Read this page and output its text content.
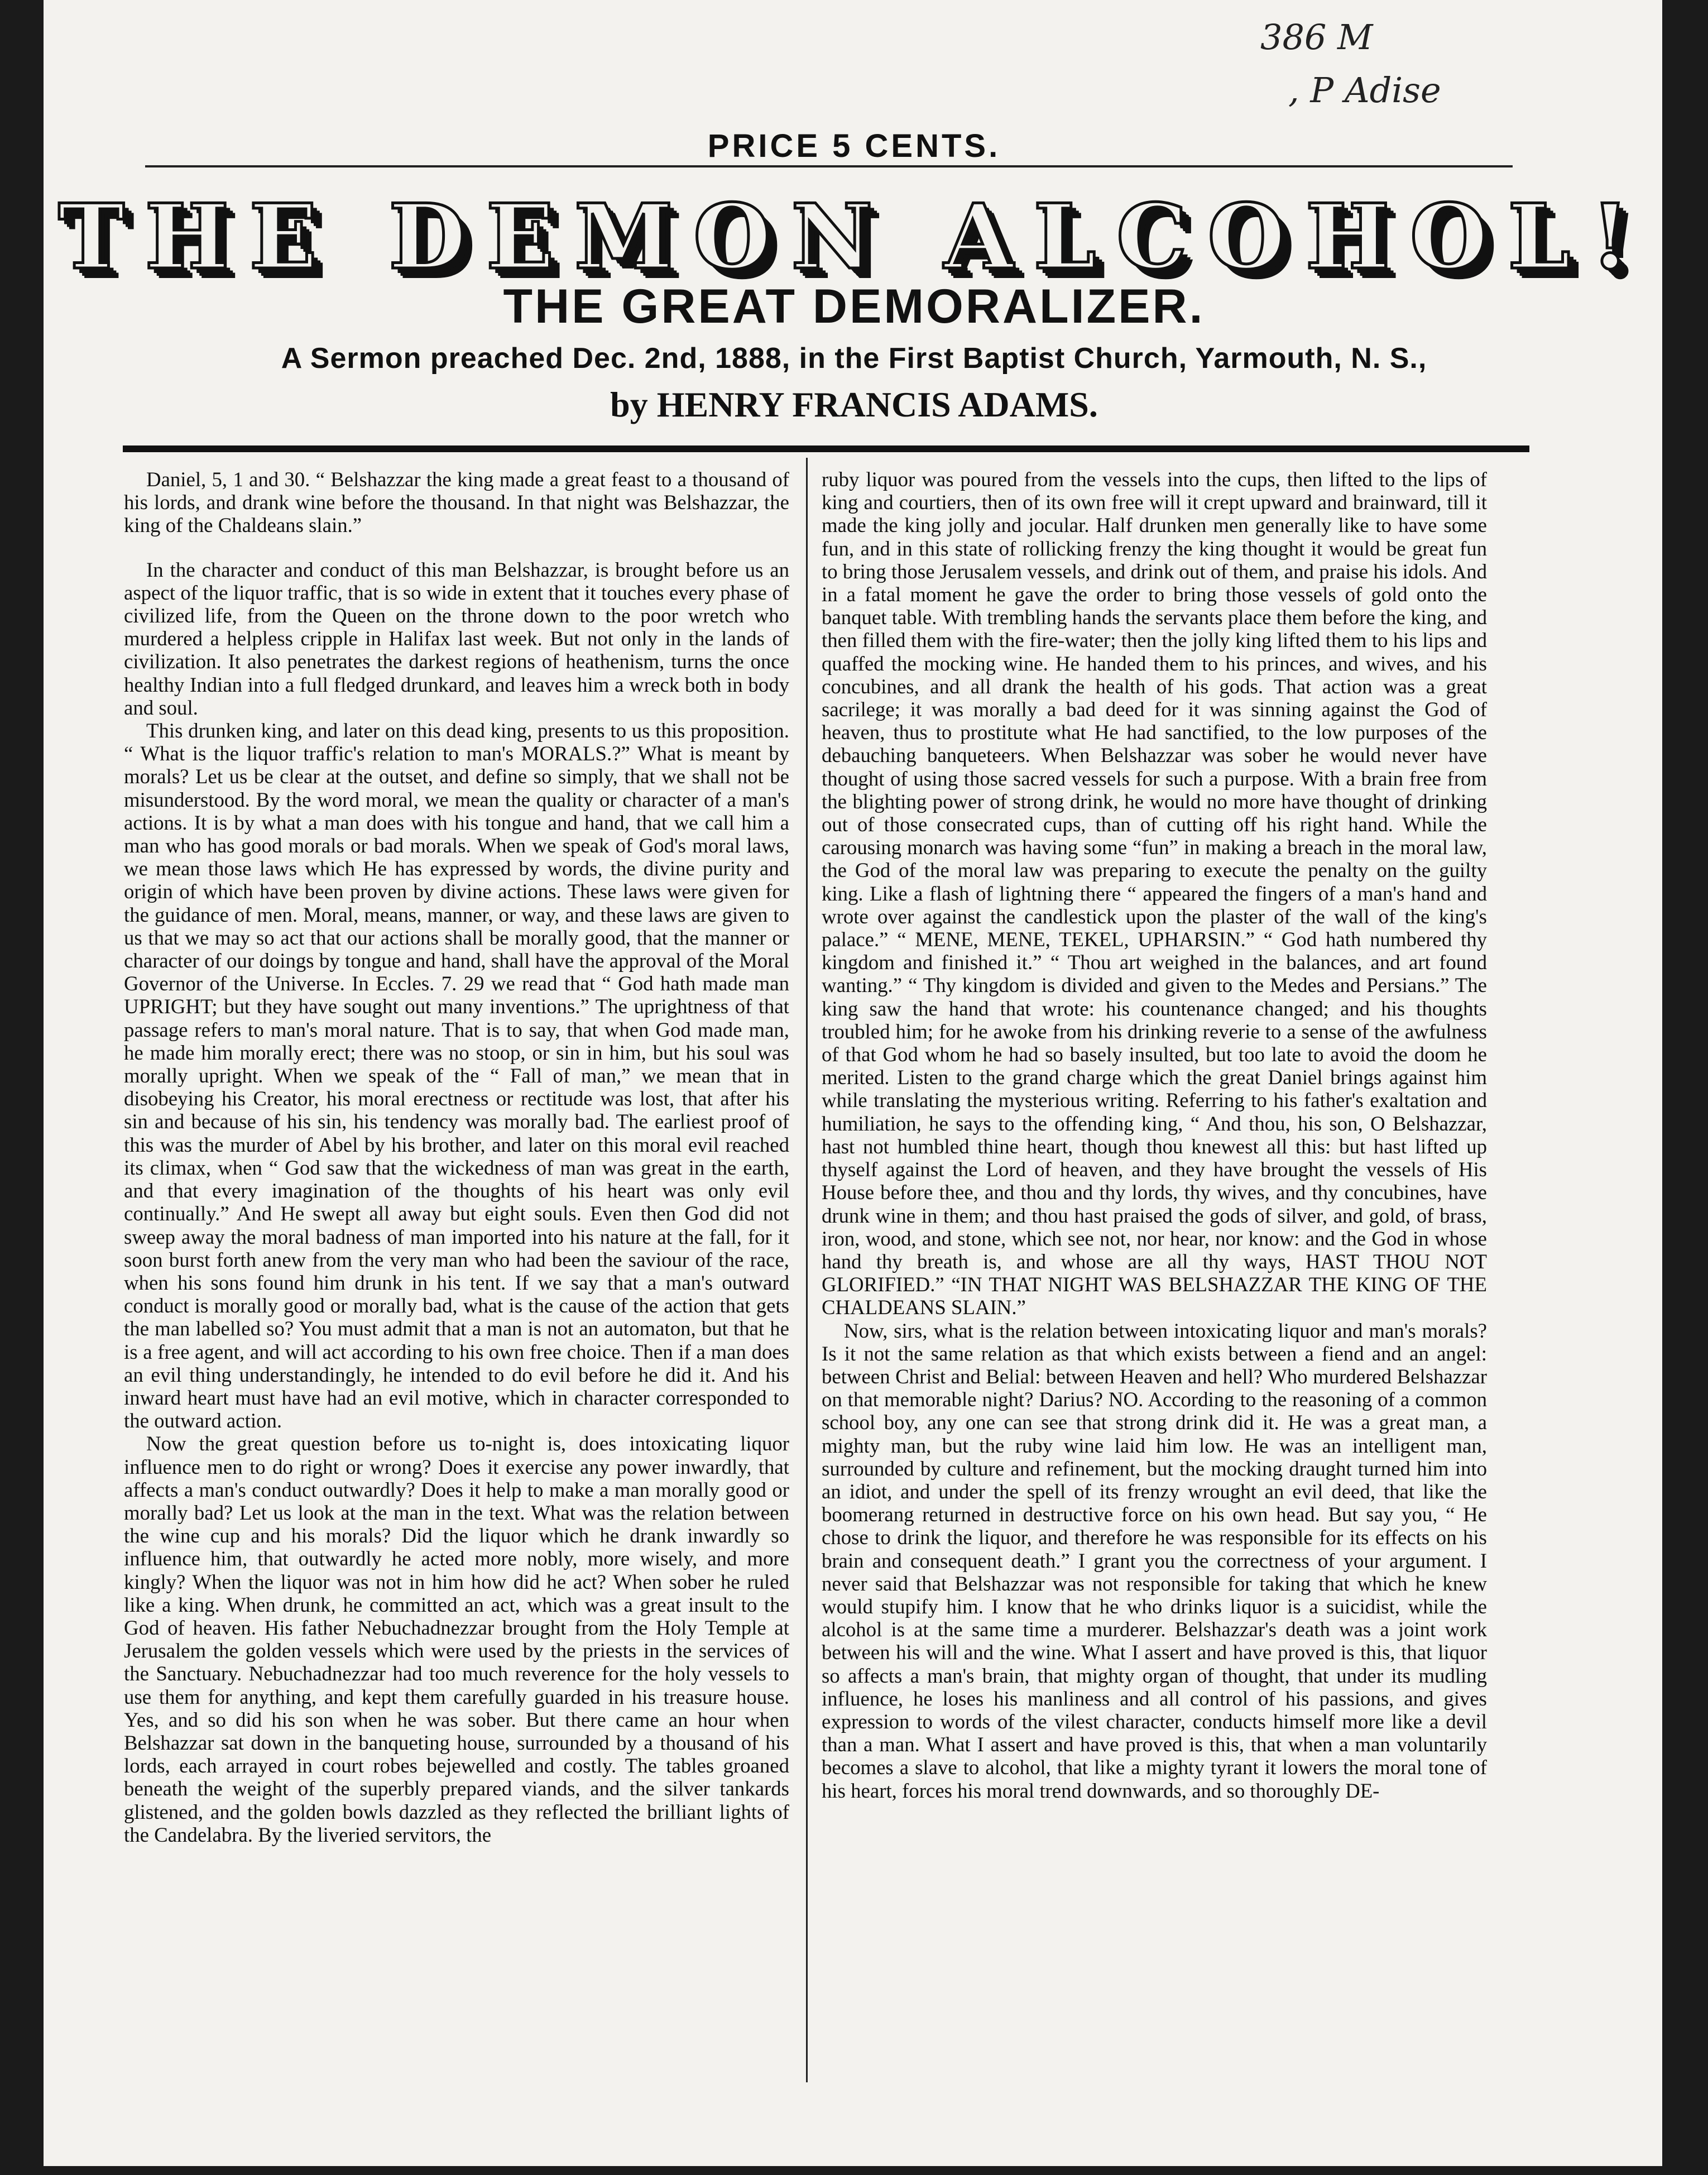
386 M
, P Adise
PRICE 5 CENTS.
THE DEMON ALCOHOL!
THE GREAT DEMORALIZER.
A Sermon preached Dec. 2nd, 1888, in the First Baptist Church, Yarmouth, N. S.,
by HENRY FRANCIS ADAMS.

Daniel, 5, 1 and 30. “ Belshazzar the king made a great feast to a thousand of his lords, and drank wine before the thousand. In that night was Belshazzar, the king of the Chaldeans slain.”

In the character and conduct of this man Belshazzar, is brought before us an aspect of the liquor traffic, that is so wide in extent that it touches every phase of civilized life, from the Queen on the throne down to the poor wretch who murdered a helpless cripple in Halifax last week. But not only in the lands of civilization. It also penetrates the darkest regions of heathenism, turns the once healthy Indian into a full fledged drunkard, and leaves him a wreck both in body and soul.

This drunken king, and later on this dead king, presents to us this proposition. “ What is the liquor traffic's relation to man's MORALS.?” What is meant by morals? Let us be clear at the outset, and define so simply, that we shall not be misunderstood. By the word moral, we mean the quality or character of a man's actions. It is by what a man does with his tongue and hand, that we call him a man who has good morals or bad morals. When we speak of God's moral laws, we mean those laws which He has expressed by words, the divine purity and origin of which have been proven by divine actions. These laws were given for the guidance of men. Moral, means, manner, or way, and these laws are given to us that we may so act that our actions shall be morally good, that the manner or character of our doings by tongue and hand, shall have the approval of the Moral Governor of the Universe. In Eccles. 7. 29 we read that “ God hath made man UPRIGHT; but they have sought out many inventions.” The uprightness of that passage refers to man's moral nature. That is to say, that when God made man, he made him morally erect; there was no stoop, or sin in him, but his soul was morally upright. When we speak of the “ Fall of man,” we mean that in disobeying his Creator, his moral erectness or rectitude was lost, that after his sin and because of his sin, his tendency was morally bad. The earliest proof of this was the murder of Abel by his brother, and later on this moral evil reached its climax, when “ God saw that the wickedness of man was great in the earth, and that every imagination of the thoughts of his heart was only evil continually.” And He swept all away but eight souls. Even then God did not sweep away the moral badness of man imported into his nature at the fall, for it soon burst forth anew from the very man who had been the saviour of the race, when his sons found him drunk in his tent. If we say that a man's outward conduct is morally good or morally bad, what is the cause of the action that gets the man labelled so? You must admit that a man is not an automaton, but that he is a free agent, and will act according to his own free choice. Then if a man does an evil thing understandingly, he intended to do evil before he did it. And his inward heart must have had an evil motive, which in character corresponded to the outward action.

Now the great question before us to-night is, does intoxicating liquor influence men to do right or wrong? Does it exercise any power inwardly, that affects a man's conduct outwardly? Does it help to make a man morally good or morally bad? Let us look at the man in the text. What was the relation between the wine cup and his morals? Did the liquor which he drank inwardly so influence him, that outwardly he acted more nobly, more wisely, and more kingly? When the liquor was not in him how did he act? When sober he ruled like a king. When drunk, he committed an act, which was a great insult to the God of heaven. His father Nebuchadnezzar brought from the Holy Temple at Jerusalem the golden vessels which were used by the priests in the services of the Sanctuary. Nebuchadnezzar had too much reverence for the holy vessels to use them for anything, and kept them carefully guarded in his treasure house. Yes, and so did his son when he was sober. But there came an hour when Belshazzar sat down in the banqueting house, surrounded by a thousand of his lords, each arrayed in court robes bejewelled and costly. The tables groaned beneath the weight of the superbly prepared viands, and the silver tankards glistened, and the golden bowls dazzled as they reflected the brilliant lights of the Candelabra. By the liveried servitors, the

ruby liquor was poured from the vessels into the cups, then lifted to the lips of king and courtiers, then of its own free will it crept upward and brainward, till it made the king jolly and jocular. Half drunken men generally like to have some fun, and in this state of rollicking frenzy the king thought it would be great fun to bring those Jerusalem vessels, and drink out of them, and praise his idols. And in a fatal moment he gave the order to bring those vessels of gold onto the banquet table. With trembling hands the servants place them before the king, and then filled them with the fire-water; then the jolly king lifted them to his lips and quaffed the mocking wine. He handed them to his princes, and wives, and his concubines, and all drank the health of his gods. That action was a great sacrilege; it was morally a bad deed for it was sinning against the God of heaven, thus to prostitute what He had sanctified, to the low purposes of the debauching banqueteers. When Belshazzar was sober he would never have thought of using those sacred vessels for such a purpose. With a brain free from the blighting power of strong drink, he would no more have thought of drinking out of those consecrated cups, than of cutting off his right hand. While the carousing monarch was having some “fun” in making a breach in the moral law, the God of the moral law was preparing to execute the penalty on the guilty king. Like a flash of lightning there “ appeared the fingers of a man's hand and wrote over against the candlestick upon the plaster of the wall of the king's palace.” “ MENE, MENE, TEKEL, UPHARSIN.” “ God hath numbered thy kingdom and finished it.” “ Thou art weighed in the balances, and art found wanting.” “ Thy kingdom is divided and given to the Medes and Persians.” The king saw the hand that wrote: his countenance changed; and his thoughts troubled him; for he awoke from his drinking reverie to a sense of the awfulness of that God whom he had so basely insulted, but too late to avoid the doom he merited. Listen to the grand charge which the great Daniel brings against him while translating the mysterious writing. Referring to his father's exaltation and humiliation, he says to the offending king, “ And thou, his son, O Belshazzar, hast not humbled thine heart, though thou knewest all this: but hast lifted up thyself against the Lord of heaven, and they have brought the vessels of His House before thee, and thou and thy lords, thy wives, and thy concubines, have drunk wine in them; and thou hast praised the gods of silver, and gold, of brass, iron, wood, and stone, which see not, nor hear, nor know: and the God in whose hand thy breath is, and whose are all thy ways, HAST THOU NOT GLORIFIED.” “IN THAT NIGHT WAS BELSHAZZAR THE KING OF THE CHALDEANS SLAIN.”

Now, sirs, what is the relation between intoxicating liquor and man's morals? Is it not the same relation as that which exists between a fiend and an angel: between Christ and Belial: between Heaven and hell? Who murdered Belshazzar on that memorable night? Darius? NO. According to the reasoning of a common school boy, any one can see that strong drink did it. He was a great man, a mighty man, but the ruby wine laid him low. He was an intelligent man, surrounded by culture and refinement, but the mocking draught turned him into an idiot, and under the spell of its frenzy wrought an evil deed, that like the boomerang returned in destructive force on his own head. But say you, “ He chose to drink the liquor, and therefore he was responsible for its effects on his brain and consequent death.” I grant you the correctness of your argument. I never said that Belshazzar was not responsible for taking that which he knew would stupify him. I know that he who drinks liquor is a suicidist, while the alcohol is at the same time a murderer. Belshazzar's death was a joint work between his will and the wine. What I assert and have proved is this, that liquor so affects a man's brain, that mighty organ of thought, that under its mudling influence, he loses his manliness and all control of his passions, and gives expression to words of the vilest character, conducts himself more like a devil than a man. What I assert and have proved is this, that when a man voluntarily becomes a slave to alcohol, that like a mighty tyrant it lowers the moral tone of his heart, forces his moral trend downwards, and so thoroughly DE-
